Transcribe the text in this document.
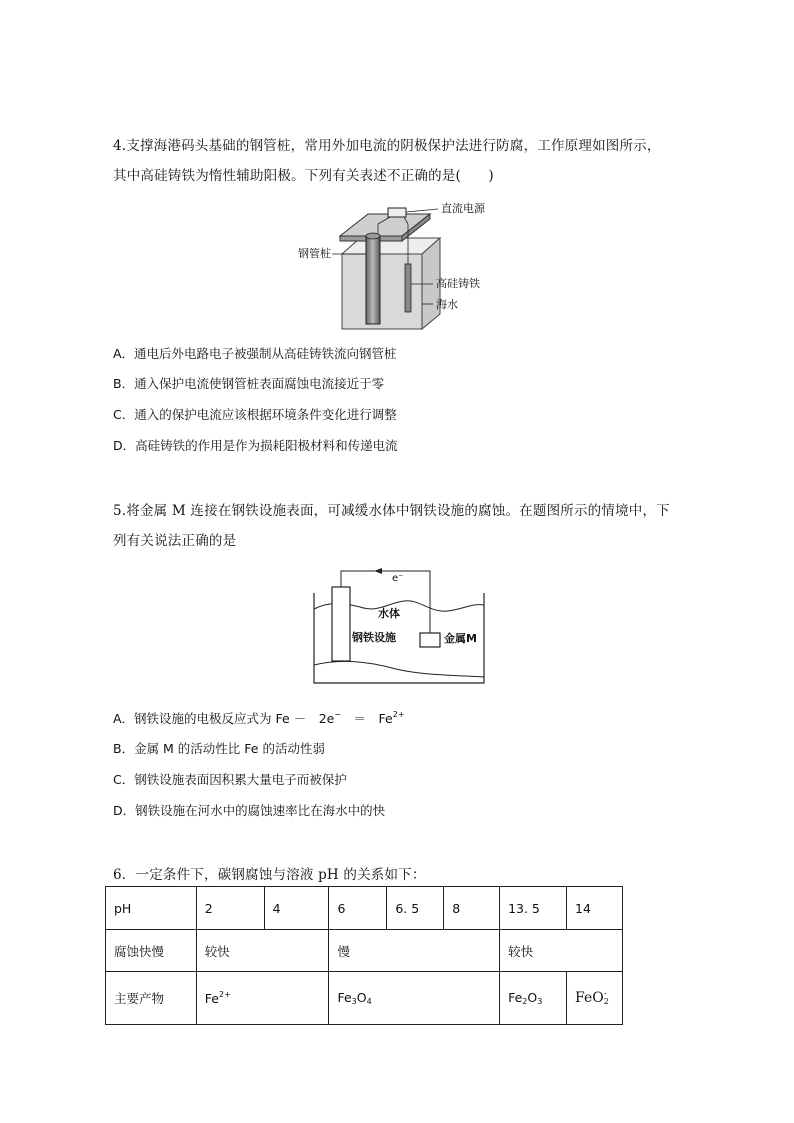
4.支撑海港码头基础的钢管桩，常用外加电流的阴极保护法进行防腐，工作原理如图所示，
其中高硅铸铁为惰性辅助阳极。下列有关表述不正确的是(　　)
直流电源
钢管桩
高硅铸铁
海水
A．通电后外电路电子被强制从高硅铸铁流向钢管桩
B．通入保护电流使钢管桩表面腐蚀电流接近于零
C．通入的保护电流应该根据环境条件变化进行调整
D．高硅铸铁的作用是作为损耗阳极材料和传递电流
5.将金属 M 连接在钢铁设施表面，可减缓水体中钢铁设施的腐蚀。在题图所示的情境中，下
列有关说法正确的是
e⁻
水体
钢铁设施	金属M
A．钢铁设施的电极反应式为 Fe －　2e−　＝　$Fe^{2+}$
B．金属 M 的活动性比 Fe 的活动性弱
C．钢铁设施表面因积累大量电子而被保护
D．钢铁设施在河水中的腐蚀速率比在海水中的快
6．一定条件下，碳钢腐蚀与溶液 pH 的关系如下：
pH	2	4	6	6. 5	8	13. 5	14
腐蚀快慢	较快		慢			较快	
主要产物	$Fe^{2+}$		$Fe_3O_4$			$Fe_2O_3$	FeO -
2
